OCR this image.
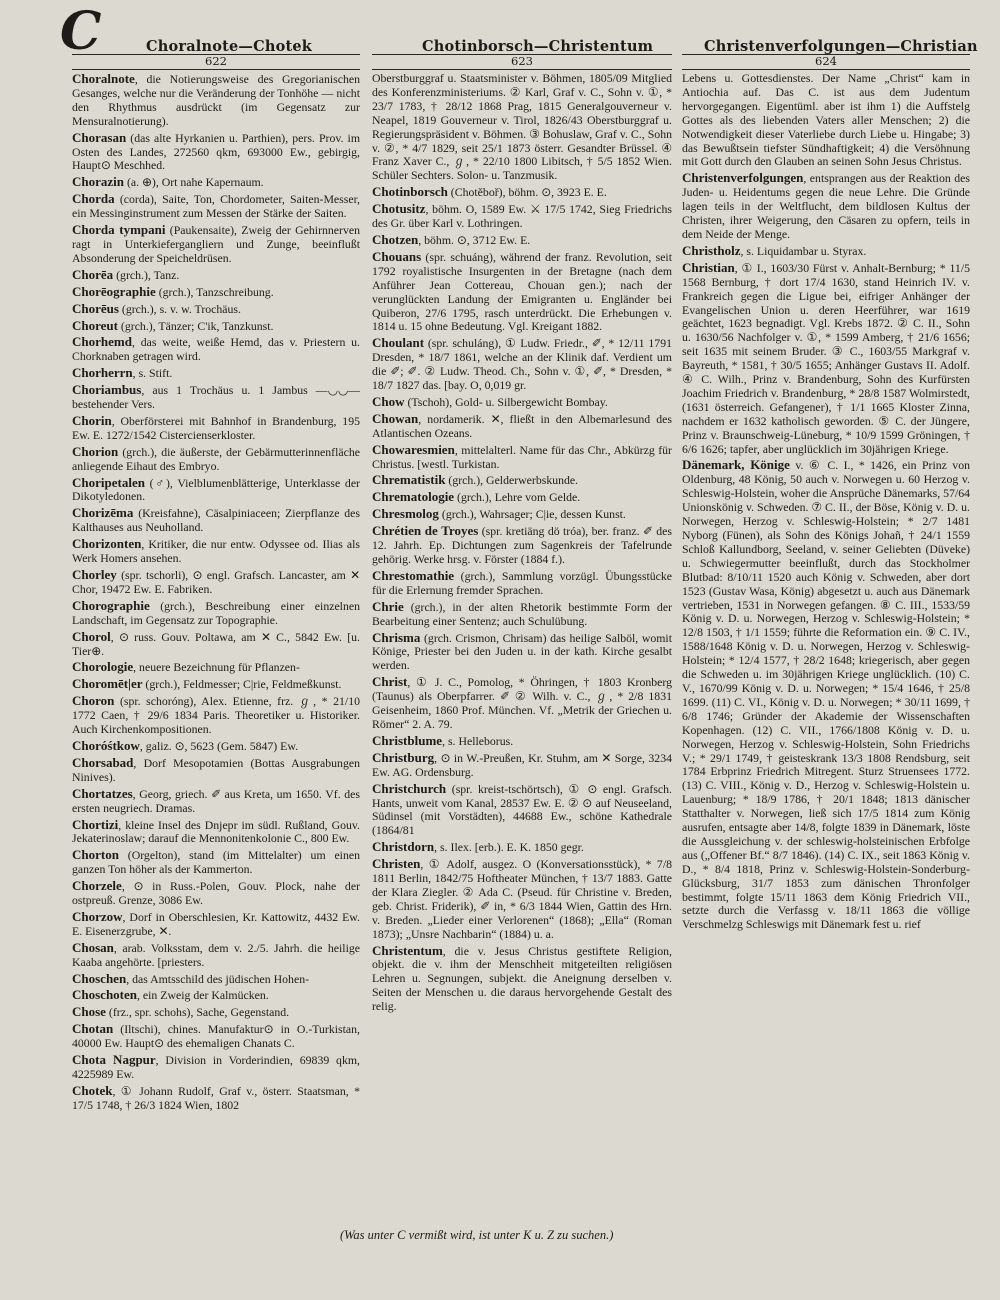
C	Choralnote—Chotek	Chotinborsch—Christentum	Christenverfolgungen—Christian
622	623	624

Choralnote, die Notierungsweise des Gregorianischen Gesanges, welche nur die Veränderung der Tonhöhe — nicht den Rhythmus ausdrückt (im Gegensatz zur Mensuralnotierung).

Chorasan (das alte Hyrkanien u. Parthien), pers. Prov. im Osten des Landes, 272560 qkm, 693000 Ew., gebirgig, Haupt⊙ Meschhed.

Chorazin (a. ⊕), Ort nahe Kapernaum.

Chorda (corda), Saite, Ton, Chordometer, Saiten-Messer, ein Messinginstrument zum Messen der Stärke der Saiten.

Chorda tympani (Paukensaite), Zweig der Gehirnnerven ragt in Unterkiefergangliern und Zunge, beeinflußt Absonderung der Speicheldrüsen.

Chorēa (grch.), Tanz.

Chorēographie (grch.), Tanzschreibung.

Chorēus (grch.), s. v. w. Trochäus.

Choreut (grch.), Tänzer; C'ik, Tanzkunst.

Chorhemd, das weite, weiße Hemd, das v. Priestern u. Chorknaben getragen wird.

Chorherrn, s. Stift.

Choriambus, aus 1 Trochäus u. 1 Jambus —◡◡— bestehender Vers.

Chorin, Oberförsterei mit Bahnhof in Brandenburg, 195 Ew. E. 1272/1542 Cistercienserkloster.

Chorion (grch.), die äußerste, der Gebärmutterinnenfläche anliegende Eihaut des Embryo.

Choripetalen (♂), Vielblumenblätterige, Unterklasse der Dikotyledonen.

Chorizēma (Kreisfahne), Cäsalpiniaceen; Zierpflanze des Kalthauses aus Neuholland.

Chorizonten, Kritiker, die nur entw. Odyssee od. Ilias als Werk Homers ansehen.

Chorley (spr. tschorli), ⊙ engl. Grafsch. Lancaster, am ✕ Chor, 19472 Ew. E. Fabriken.

Chorographie (grch.), Beschreibung einer einzelnen Landschaft, im Gegensatz zur Topographie.

Chorol, ⊙ russ. Gouv. Poltawa, am ✕ C., 5842 Ew. [u. Tier⊕.

Chorologie, neuere Bezeichnung für Pflanzen-

Choromēt|er (grch.), Feldmesser; C|rie, Feldmeßkunst.

Choron (spr. schoróng), Alex. Etienne, frz. ℊ, * 21/10 1772 Caen, † 29/6 1834 Paris. Theoretiker u. Historiker. Auch Kirchenkompositionen.

Choróśtkow, galiz. ⊙, 5623 (Gem. 5847) Ew.

Chorsabad, Dorf Mesopotamien (Bottas Ausgrabungen Ninives).

Chortatzes, Georg, griech. ✐ aus Kreta, um 1650. Vf. des ersten neugriech. Dramas.

Chortizi, kleine Insel des Dnjepr im südl. Rußland, Gouv. Jekaterinoslaw; darauf die Mennonitenkolonie C., 800 Ew.

Chorton (Orgelton), stand (im Mittelalter) um einen ganzen Ton höher als der Kammerton.

Chorzele, ⊙ in Russ.-Polen, Gouv. Plock, nahe der ostpreuß. Grenze, 3086 Ew.

Chorzow, Dorf in Oberschlesien, Kr. Kattowitz, 4432 Ew. E. Eisenerzgrube, ✕.

Chosan, arab. Volksstam, dem v. 2./5. Jahrh. die heilige Kaaba angehörte. [priesters.

Choschen, das Amtsschild des jüdischen Hohen-

Choschoten, ein Zweig der Kalmücken.

Chose (frz., spr. schohs), Sache, Gegenstand.

Chotan (Iltschi), chines. Manufaktur⊙ in O.-Turkistan, 40000 Ew. Haupt⊙ des ehemaligen Chanats C.

Chota Nagpur, Division in Vorderindien, 69839 qkm, 4225989 Ew.

Chotek, ① Johann Rudolf, Graf v., österr. Staatsman, * 17/5 1748, † 26/3 1824 Wien, 1802

Oberstburggraf u. Staatsminister v. Böhmen, 1805/09 Mitglied des Konferenzministeriums. ② Karl, Graf v. C., Sohn v. ①, * 23/7 1783, † 28/12 1868 Prag, 1815 Generalgouverneur v. Neapel, 1819 Gouverneur v. Tirol, 1826/43 Oberstburggraf u. Regierungspräsident v. Böhmen. ③ Bohuslaw, Graf v. C., Sohn v. ②, * 4/7 1829, seit 25/1 1873 österr. Gesandter Brüssel. ④ Franz Xaver C., ℊ, * 22/10 1800 Libitsch, † 5/5 1852 Wien. Schüler Sechters. Solon- u. Tanzmusik.

Chotinborsch (Chotěboř), böhm. ⊙, 3923 E. E.

Chotusitz, böhm. O, 1589 Ew. ⚔ 17/5 1742, Sieg Friedrichs des Gr. über Karl v. Lothringen.

Chotzen, böhm. ⊙, 3712 Ew. E.

Chouans (spr. schuáng), während der franz. Revolution, seit 1792 royalistische Insurgenten in der Bretagne (nach dem Anführer Jean Cottereau, Chouan gen.); nach der verunglückten Landung der Emigranten u. Engländer bei Quiberon, 27/6 1795, rasch unterdrückt. Die Erhebungen v. 1814 u. 15 ohne Bedeutung. Vgl. Kreigant 1882.

Choulant (spr. schuláng), ① Ludw. Friedr., ✐, * 12/11 1791 Dresden, * 18/7 1861, welche an der Klinik daf. Verdient um die ✐; ✐. ② Ludw. Theod. Ch., Sohn v. ①, ✐, * Dresden, * 18/7 1827 das. [bay. O, 0,019 gr.

Chow (Tschoh), Gold- u. Silbergewicht Bombay.

Chowan, nordamerik. ✕, fließt in den Albemarlesund des Atlantischen Ozeans.

Chowaresmien, mittelalterl. Name für das Chr., Abkürzg für Christus. [westl. Turkistan.

Chrematistik (grch.), Gelderwerbskunde.

Chrematologie (grch.), Lehre vom Gelde.

Chresmolog (grch.), Wahrsager; C|ie, dessen Kunst.

Chrétien de Troyes (spr. kretiäng dö tróa), ber. franz. ✐ des 12. Jahrh. Ep. Dichtungen zum Sagenkreis der Tafelrunde gehörig. Werke hrsg. v. Förster (1884 f.).

Chrestomathie (grch.), Sammlung vorzügl. Übungsstücke für die Erlernung fremder Sprachen.

Chrie (grch.), in der alten Rhetorik bestimmte Form der Bearbeitung einer Sentenz; auch Schulübung.

Chrisma (grch. Crismon, Chrisam) das heilige Salböl, womit Könige, Priester bei den Juden u. in der kath. Kirche gesalbt werden.

Christ, ① J. C., Pomolog, * Öhringen, † 1803 Kronberg (Taunus) als Oberpfarrer. ✐ ② Wilh. v. C., ℊ, * 2/8 1831 Geisenheim, 1860 Prof. München. Vf. „Metrik der Griechen u. Römer“ 2. A. 79.

Christblume, s. Helleborus.

Christburg, ⊙ in W.-Preußen, Kr. Stuhm, am ✕ Sorge, 3234 Ew. AG. Ordensburg.

Christchurch (spr. kreist-tschörtsch), ① ⊙ engl. Grafsch. Hants, unweit vom Kanal, 28537 Ew. E. ② ⊙ auf Neuseeland, Südinsel (mit Vorstädten), 44688 Ew., schöne Kathedrale (1864/81

Christdorn, s. Ilex. [erb.). E. K. 1850 gegr.

Christen, ① Adolf, ausgez. O (Konversationsstück), * 7/8 1811 Berlin, 1842/75 Hoftheater München, † 13/7 1883. Gatte der Klara Ziegler. ② Ada C. (Pseud. für Christine v. Breden, geb. Christ. Friderik), ✐ in, * 6/3 1844 Wien, Gattin des Hrn. v. Breden. „Lieder einer Verlorenen“ (1868); „Ella“ (Roman 1873); „Unsre Nachbarin“ (1884) u. a.

Christentum, die v. Jesus Christus gestiftete Religion, objekt. die v. ihm der Menschheit mitgeteilten religiösen Lehren u. Segnungen, subjekt. die Aneignung derselben v. Seiten der Menschen u. die daraus hervorgehende Gestalt des relig.

Lebens u. Gottesdienstes. Der Name „Christ“ kam in Antiochia auf. Das C. ist aus dem Judentum hervorgegangen. Eigentüml. aber ist ihm 1) die Auffstelg Gottes als des liebenden Vaters aller Menschen; 2) die Notwendigkeit dieser Vaterliebe durch Liebe u. Hingabe; 3) das Bewußtsein tiefster Sündhaftigkeit; 4) die Versöhnung mit Gott durch den Glauben an seinen Sohn Jesus Christus.

Christenverfolgungen, entsprangen aus der Reaktion des Juden- u. Heidentums gegen die neue Lehre. Die Gründe lagen teils in der Weltflucht, dem bildlosen Kultus der Christen, ihrer Weigerung, den Cäsaren zu opfern, teils in dem Neide der Menge.

Christholz, s. Liquidambar u. Styrax.

Christian, ① I., 1603/30 Fürst v. Anhalt-Bernburg; * 11/5 1568 Bernburg, † dort 17/4 1630, stand Heinrich IV. v. Frankreich gegen die Ligue bei, eifriger Anhänger der Evangelischen Union u. deren Heerführer, war 1619 geächtet, 1623 begnadigt. Vgl. Krebs 1872. ② C. II., Sohn u. 1630/56 Nachfolger v. ①, * 1599 Amberg, † 21/6 1656; seit 1635 mit seinem Bruder. ③ C., 1603/55 Markgraf v. Bayreuth, * 1581, † 30/5 1655; Anhänger Gustavs II. Adolf. ④ C. Wilh., Prinz v. Brandenburg, Sohn des Kurfürsten Joachim Friedrich v. Brandenburg, * 28/8 1587 Wolmirstedt, (1631 österreich. Gefangener), † 1/1 1665 Kloster Zinna, nachdem er 1632 katholisch geworden. ⑤ C. der Jüngere, Prinz v. Braunschweig-Lüneburg, * 10/9 1599 Gröningen, † 6/6 1626; tapfer, aber unglücklich im 30jährigen Kriege.

Dänemark, Könige v. ⑥ C. I., * 1426, ein Prinz von Oldenburg, 48 König, 50 auch v. Norwegen u. 60 Herzog v. Schleswig-Holstein, woher die Ansprüche Dänemarks, 57/64 Unionskönig v. Schweden. ⑦ C. II., der Böse, König v. D. u. Norwegen, Herzog v. Schleswig-Holstein; * 2/7 1481 Nyborg (Fünen), als Sohn des Königs Johañ, † 24/1 1559 Schloß Kallundborg, Seeland, v. seiner Geliebten (Düveke) u. Schwiegermutter beeinflußt, durch das Stockholmer Blutbad: 8/10/11 1520 auch König v. Schweden, aber dort 1523 (Gustav Wasa, König) abgesetzt u. auch aus Dänemark vertrieben, 1531 in Norwegen gefangen. ⑧ C. III., 1533/59 König v. D. u. Norwegen, Herzog v. Schleswig-Holstein; * 12/8 1503, † 1/1 1559; führte die Reformation ein. ⑨ C. IV., 1588/1648 König v. D. u. Norwegen, Herzog v. Schleswig-Holstein; * 12/4 1577, † 28/2 1648; kriegerisch, aber gegen die Schweden u. im 30jährigen Kriege unglücklich. (10) C. V., 1670/99 König v. D. u. Norwegen; * 15/4 1646, † 25/8 1699. (11) C. VI., König v. D. u. Norwegen; * 30/11 1699, † 6/8 1746; Gründer der Akademie der Wissenschaften Kopenhagen. (12) C. VII., 1766/1808 König v. D. u. Norwegen, Herzog v. Schleswig-Holstein, Sohn Friedrichs V.; * 29/1 1749, † geisteskrank 13/3 1808 Rendsburg, seit 1784 Erbprinz Friedrich Mitregent. Sturz Struensees 1772. (13) C. VIII., König v. D., Herzog v. Schleswig-Holstein u. Lauenburg; * 18/9 1786, † 20/1 1848; 1813 dänischer Statthalter v. Norwegen, ließ sich 17/5 1814 zum König ausrufen, entsagte aber 14/8, folgte 1839 in Dänemark, löste die Aussgleichung v. der schleswig-holsteinischen Erbfolge aus („Offener Bf.“ 8/7 1846). (14) C. IX., seit 1863 König v. D., * 8/4 1818, Prinz v. Schleswig-Holstein-Sonderburg-Glücksburg, 31/7 1853 zum dänischen Thronfolger bestimmt, folgte 15/11 1863 dem König Friedrich VII., setzte durch die Verfassg v. 18/11 1863 die völlige Verschmelzg Schleswigs mit Dänemark fest u. rief

(Was unter C vermißt wird, ist unter K u. Z zu suchen.)
